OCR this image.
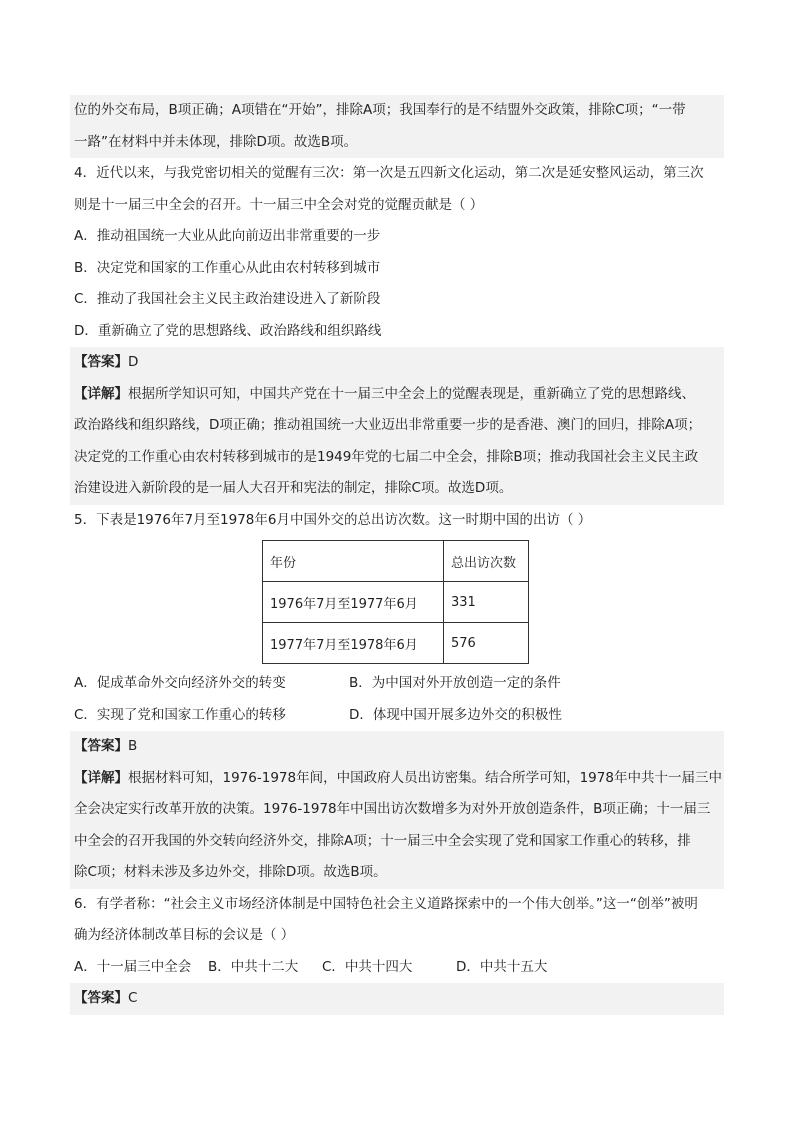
位的外交布局，B项正确；A项错在“开始”，排除A项；我国奉行的是不结盟外交政策，排除C项；“一带
一路”在材料中并未体现，排除D项。故选B项。
4．近代以来，与我党密切相关的觉醒有三次：第一次是五四新文化运动，第二次是延安整风运动，第三次
则是十一届三中全会的召开。十一届三中全会对党的觉醒贡献是（ ）
A．推动祖国统一大业从此向前迈出非常重要的一步
B．决定党和国家的工作重心从此由农村转移到城市
C．推动了我国社会主义民主政治建设进入了新阶段
D．重新确立了党的思想路线、政治路线和组织路线
【答案】D
【详解】根据所学知识可知，中国共产党在十一届三中全会上的觉醒表现是，重新确立了党的思想路线、
政治路线和组织路线，D项正确；推动祖国统一大业迈出非常重要一步的是香港、澳门的回归，排除A项；
决定党的工作重心由农村转移到城市的是1949年党的七届二中全会，排除B项；推动我国社会主义民主政
治建设进入新阶段的是一届人大召开和宪法的制定，排除C项。故选D项。
5．下表是1976年7月至1978年6月中国外交的总出访次数。这一时期中国的出访（ ）
年份	总出访次数
1976年7月至1977年6月	331
1977年7月至1978年6月	576
A．促成革命外交向经济外交的转变	B．为中国对外开放创造一定的条件
C．实现了党和国家工作重心的转移	D．体现中国开展多边外交的积极性
【答案】B
【详解】根据材料可知，1976-1978年间，中国政府人员出访密集。结合所学可知，1978年中共十一届三中
全会决定实行改革开放的决策。1976-1978年中国出访次数增多为对外开放创造条件，B项正确；十一届三
中全会的召开我国的外交转向经济外交，排除A项；十一届三中全会实现了党和国家工作重心的转移，排
除C项；材料未涉及多边外交，排除D项。故选B项。
6．有学者称：“社会主义市场经济体制是中国特色社会主义道路探索中的一个伟大创举。”这一“创举”被明
确为经济体制改革目标的会议是（ ）
A．十一届三中全会	B．中共十二大	C．中共十四大	D．中共十五大
【答案】C
